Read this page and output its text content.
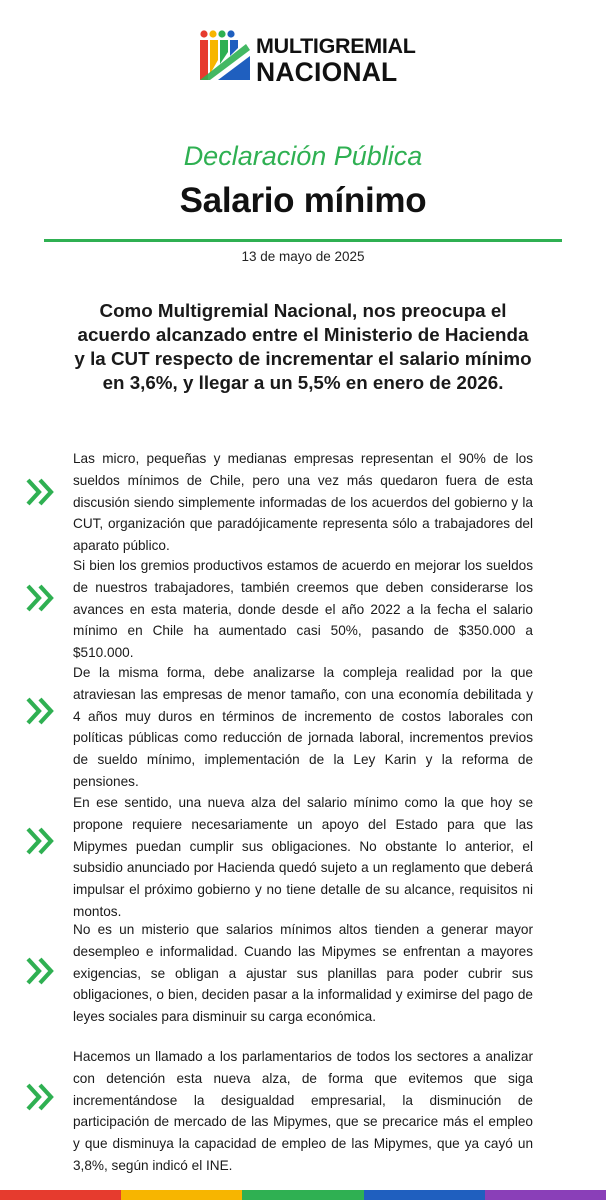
MULTIGREMIAL
NACIONAL
Declaración Pública
Salario mínimo
13 de mayo de 2025
Como Multigremial Nacional, nos preocupa el acuerdo alcanzado entre el Ministerio de Hacienda y la CUT respecto de incrementar el salario mínimo en 3,6%, y llegar a un 5,5% en enero de 2026.
Las micro, pequeñas y medianas empresas representan el 90% de los sueldos mínimos de Chile, pero una vez más quedaron fuera de esta discusión siendo simplemente informadas de los acuerdos del gobierno y la CUT, organización que paradójicamente representa sólo a trabajadores del aparato público.
Si bien los gremios productivos estamos de acuerdo en mejorar los sueldos de nuestros trabajadores, también creemos que deben considerarse los avances en esta materia, donde desde el año 2022 a la fecha el salario mínimo en Chile ha aumentado casi 50%, pasando de $350.000 a $510.000.
De la misma forma, debe analizarse la compleja realidad por la que atraviesan las empresas de menor tamaño, con una economía debilitada y 4 años muy duros en términos de incremento de costos laborales con políticas públicas como reducción de jornada laboral, incrementos previos de sueldo mínimo, implementación de la Ley Karin y la reforma de pensiones.
En ese sentido, una nueva alza del salario mínimo como la que hoy se propone requiere necesariamente un apoyo del Estado para que las Mipymes puedan cumplir sus obligaciones. No obstante lo anterior, el subsidio anunciado por Hacienda quedó sujeto a un reglamento que deberá impulsar el próximo gobierno y no tiene detalle de su alcance, requisitos ni montos.
No es un misterio que salarios mínimos altos tienden a generar mayor desempleo e informalidad. Cuando las Mipymes se enfrentan a mayores exigencias, se obligan a ajustar sus planillas para poder cubrir sus obligaciones, o bien, deciden pasar a la informalidad y eximirse del pago de leyes sociales para disminuir su carga económica.
Hacemos un llamado a los parlamentarios de todos los sectores a analizar con detención esta nueva alza, de forma que evitemos que siga incrementándose la desigualdad empresarial, la disminución de participación de mercado de las Mipymes, que se precarice más el empleo y que disminuya la capacidad de empleo de las Mipymes, que ya cayó un 3,8%, según indicó el INE.
